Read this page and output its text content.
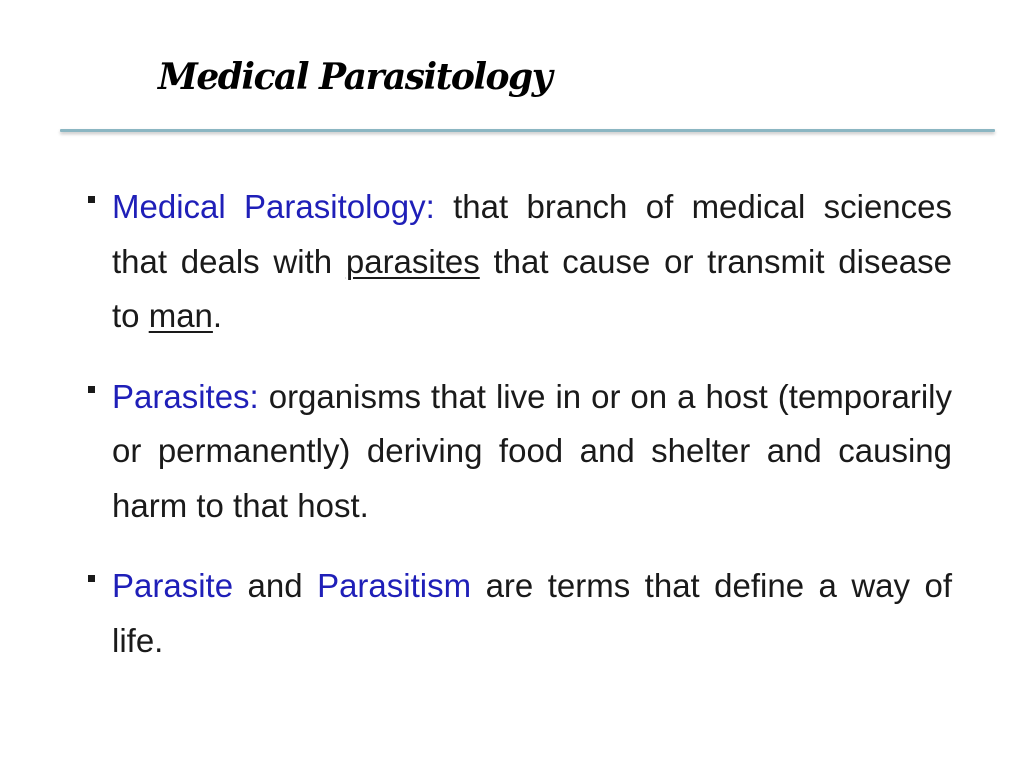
Medical Parasitology
Medical Parasitology: that branch of medical sciences that deals with parasites that cause or transmit disease to man.
Parasites: organisms that live in or on a host (temporarily or permanently) deriving food and shelter and causing harm to that host.
Parasite and Parasitism are terms that define a way of life.
